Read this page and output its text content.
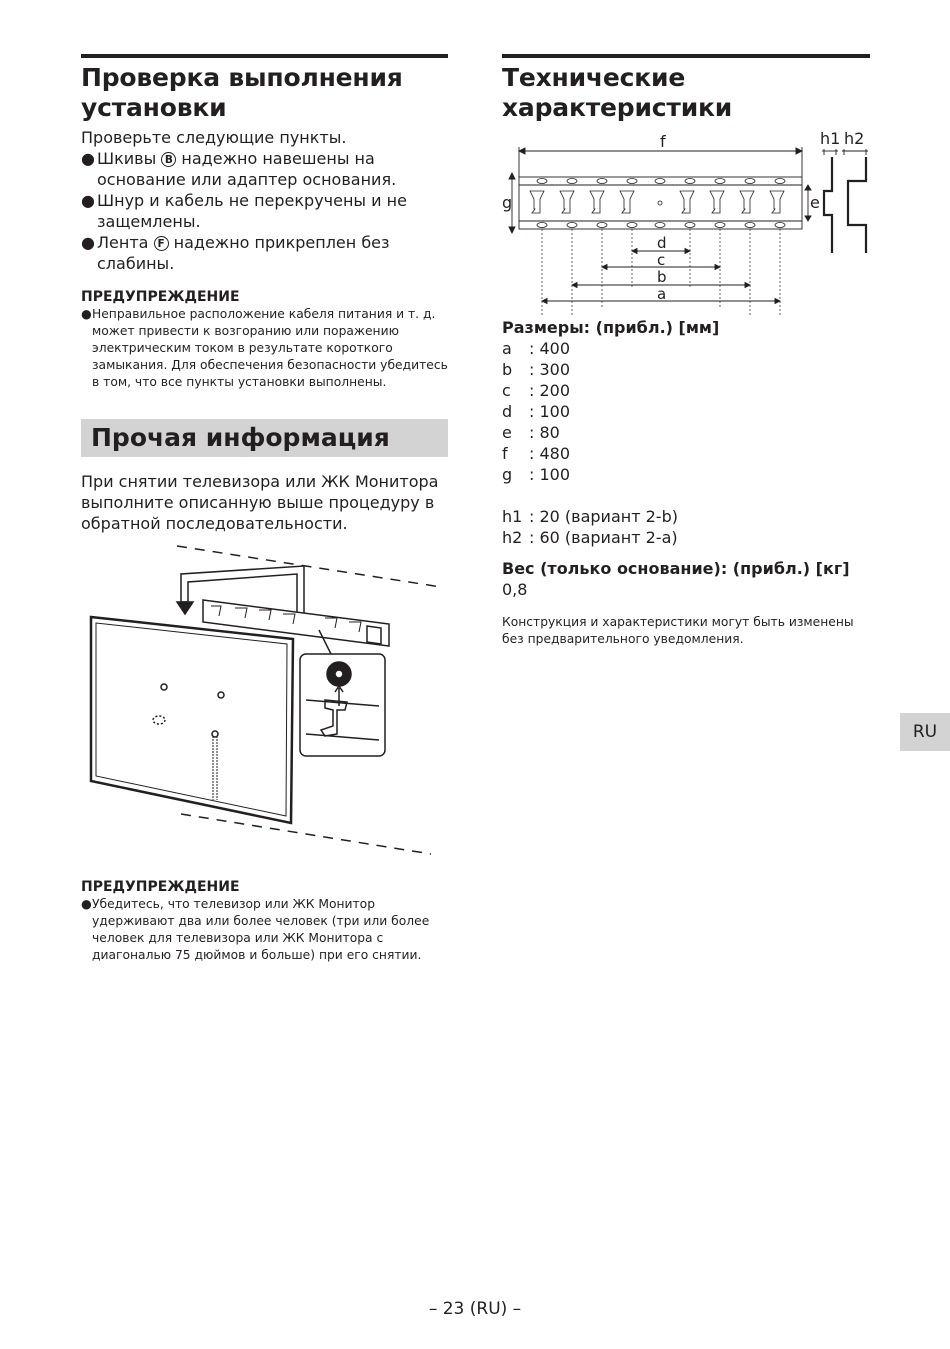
Проверка выполнения установки
Проверьте следующие пункты.
● Шкивы B надежно навешены на основание или адаптер основания.
● Шнур и кабель не перекручены и не защемлены.
● Лента F надежно прикреплен без слабины.
ПРЕДУПРЕЖДЕНИЕ
● Неправильное расположение кабеля питания и т. д. может привести к возгоранию или поражению электрическим током в результате короткого замыкания. Для обеспечения безопасности убедитесь в том, что все пункты установки выполнены.
Прочая информация
При снятии телевизора или ЖК Монитора выполните описанную выше процедуру в обратной последовательности.
ПРЕДУПРЕЖДЕНИЕ
● Убедитесь, что телевизор или ЖК Монитор удерживают два или более человек (три или более человек для телевизора или ЖК Монитора с диагональю 75 дюймов и больше) при его снятии.
Технические характеристики
f
g	e
h1 h2
d
c
b
a
Размеры: (прибл.) [мм]
a	: 400
b	: 300
c	: 200
d	: 100
e	: 80
f	: 480
g	: 100
h1 : 20 (вариант 2-b)
h2 : 60 (вариант 2-a)
Вес (только основание): (прибл.) [кг]
0,8
Конструкция и характеристики могут быть изменены без предварительного уведомления.
RU
– 23 (RU) –
